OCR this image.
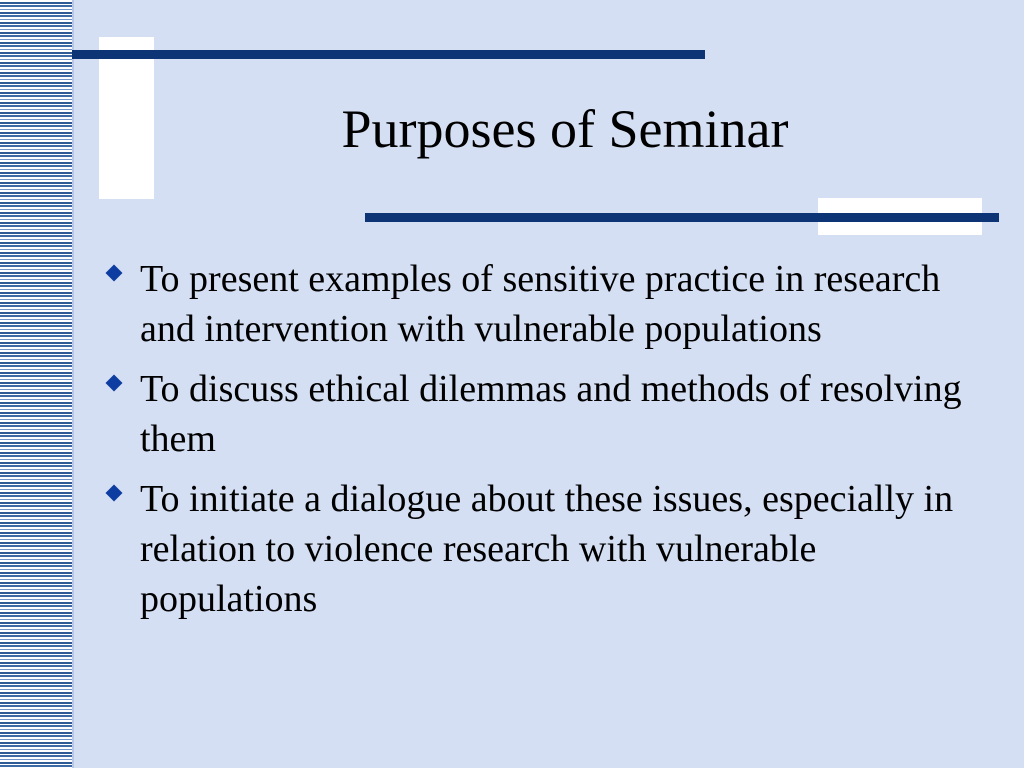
Purposes of Seminar
To present examples of sensitive practice in research and intervention with vulnerable populations
To discuss ethical dilemmas and methods of resolving them
To initiate a dialogue about these issues, especially in relation to violence research with vulnerable populations
